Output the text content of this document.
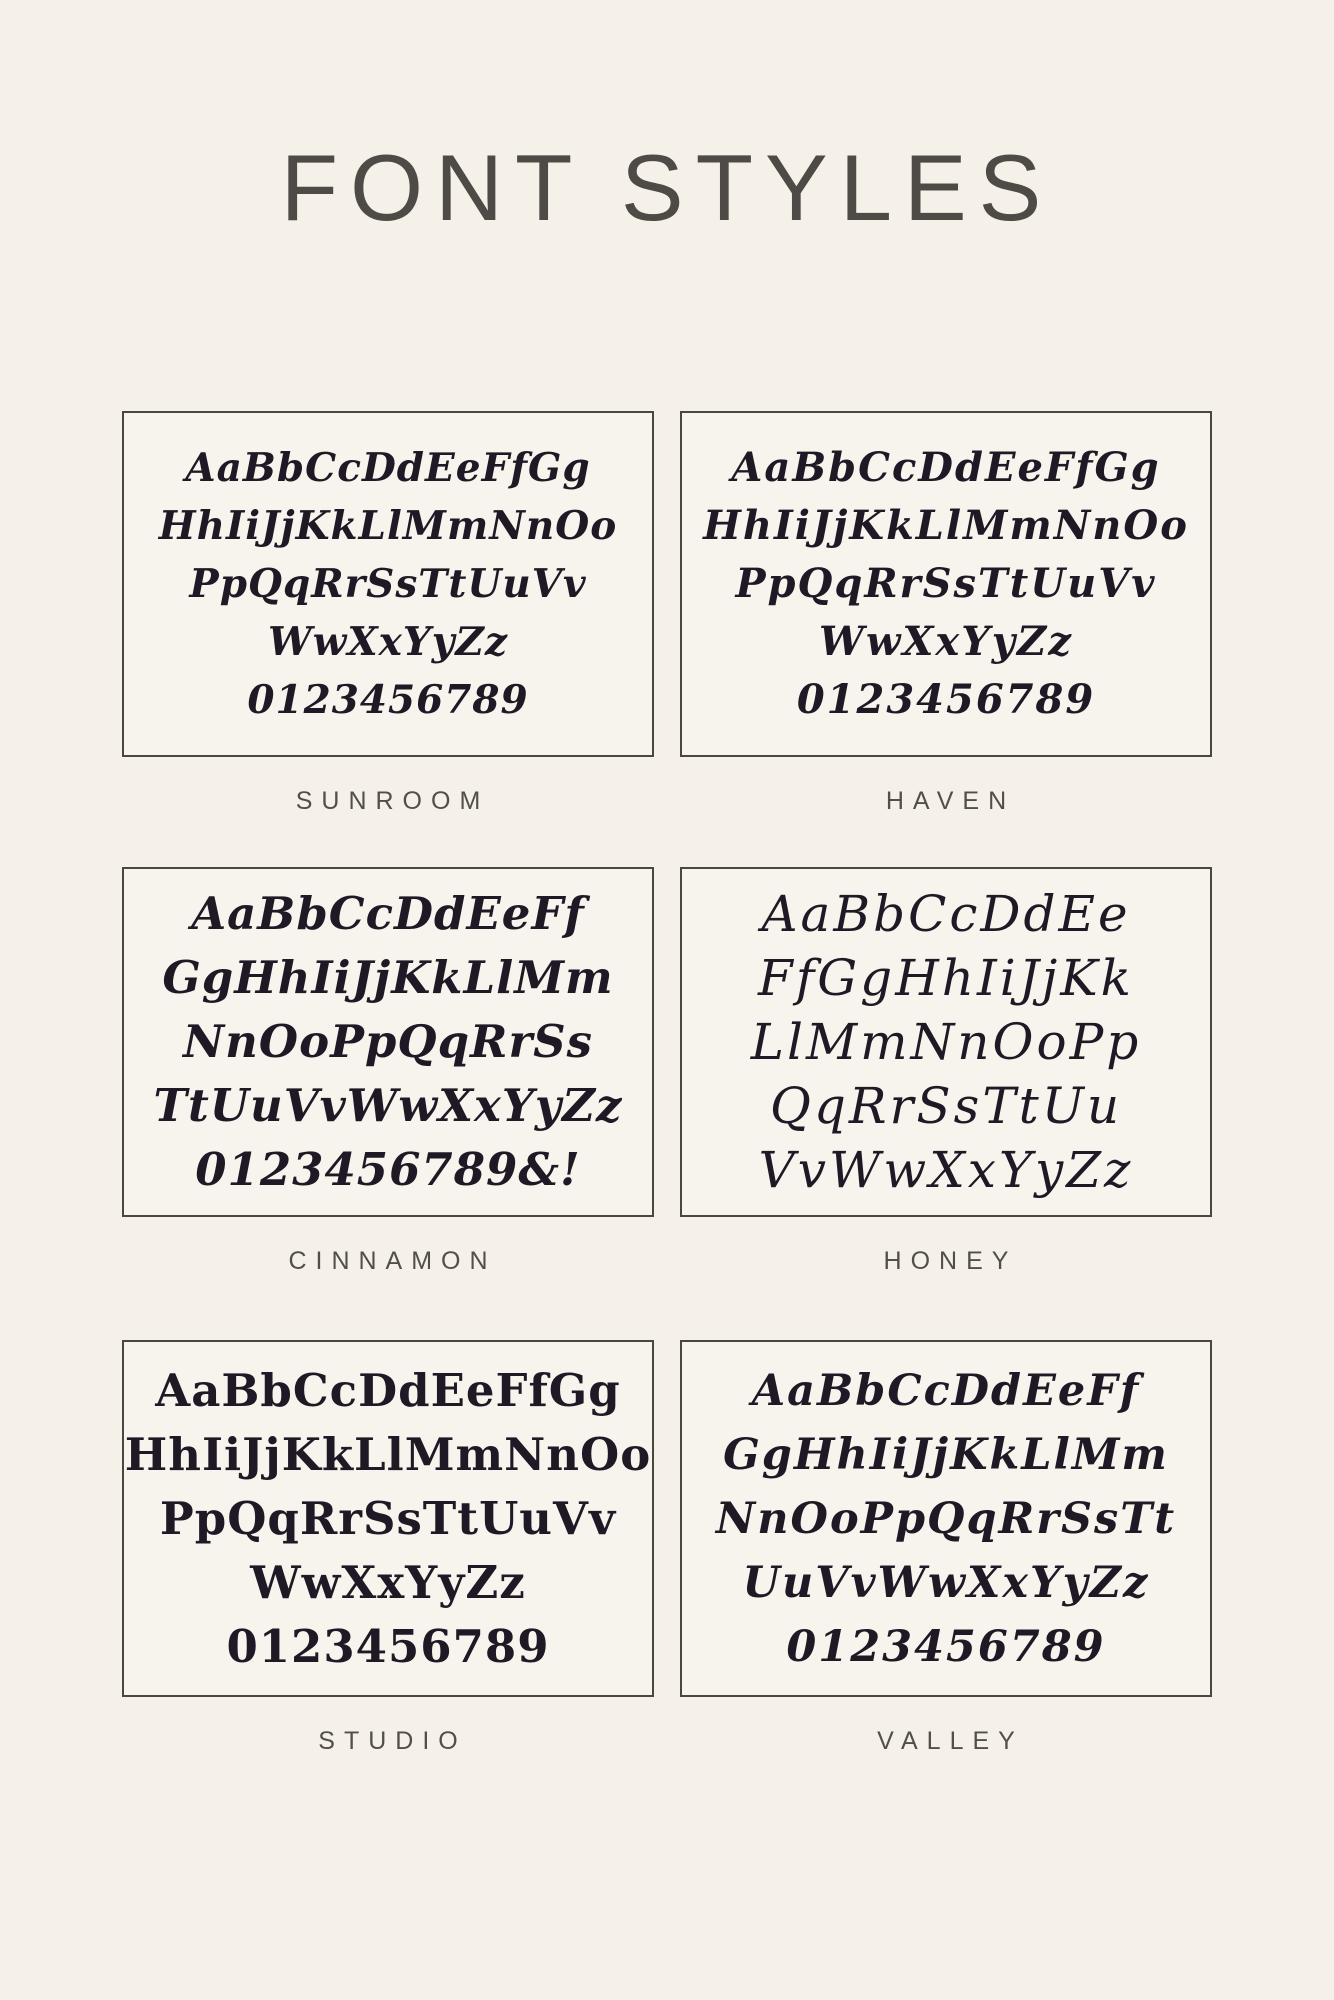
FONT STYLES
AaBbCcDdEeFfGg
HhIiJjKkLlMmNnOo
PpQqRrSsTtUuVv
WwXxYyZz
0123456789
SUNROOM
AaBbCcDdEeFfGg
HhIiJjKkLlMmNnOo
PpQqRrSsTtUuVv
WwXxYyZz
0123456789
HAVEN
AaBbCcDdEeFf
GgHhIiJjKkLlMm
NnOoPpQqRrSs
TtUuVvWwXxYyZz
0123456789&!
CINNAMON
AaBbCcDdEe
FfGgHhIiJjKk
LlMmNnOoPp
QqRrSsTtUu
VvWwXxYyZz
HONEY
AaBbCcDdEeFfGg
HhIiJjKkLlMmNnOo
PpQqRrSsTtUuVv
WwXxYyZz
0123456789
STUDIO
AaBbCcDdEeFf
GgHhIiJjKkLlMm
NnOoPpQqRrSsTt
UuVvWwXxYyZz
0123456789
VALLEY
